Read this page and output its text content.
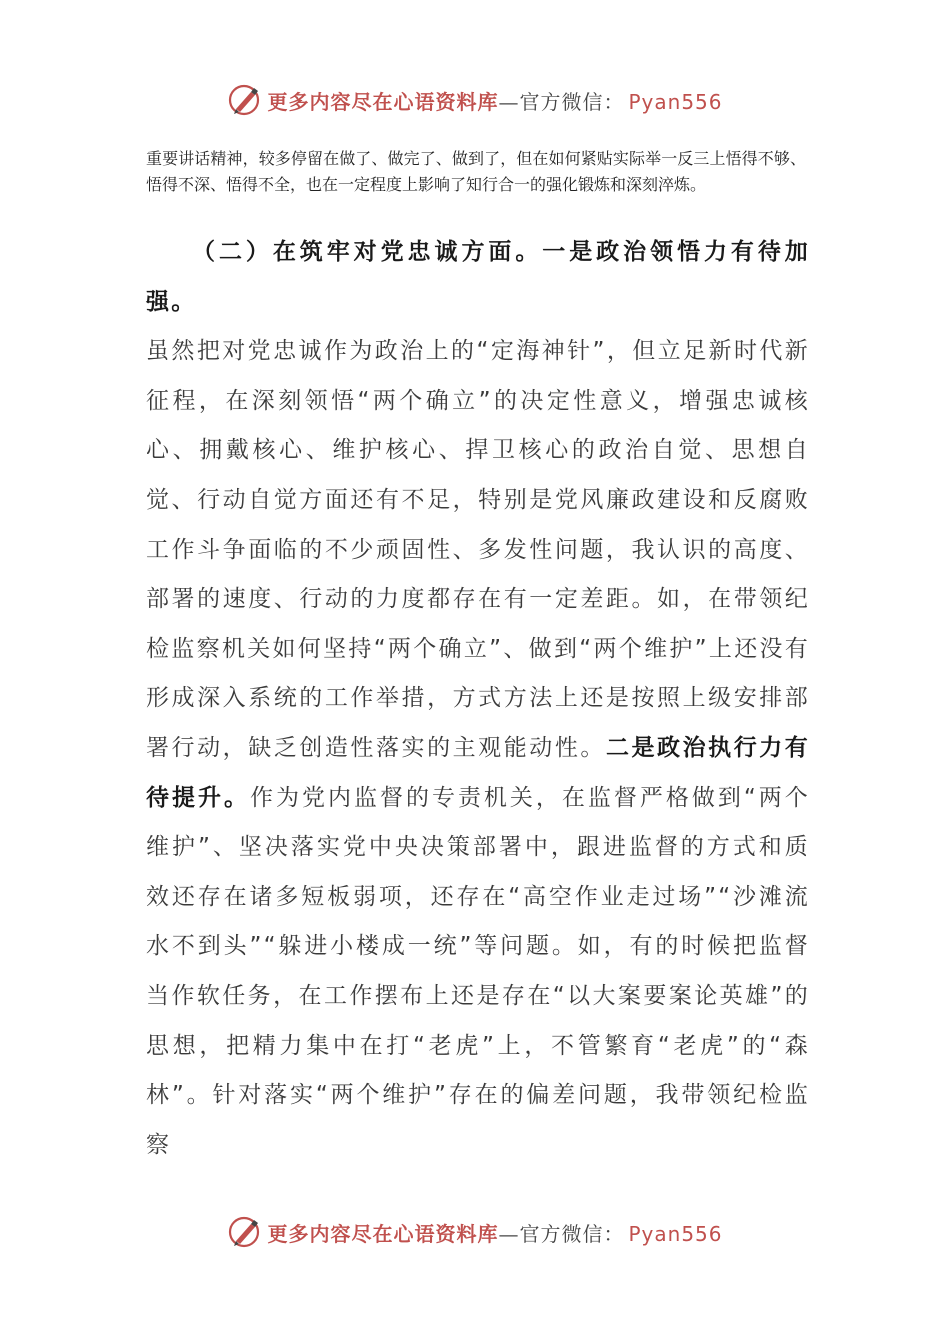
更多内容尽在心语资料库—官方微信： Pyan556
重要讲话精神，较多停留在做了、做完了、做到了，但在如何紧贴实际举一反三上悟得不够、悟得不深、悟得不全，也在一定程度上影响了知行合一的强化锻炼和深刻淬炼。

（二）在筑牢对党忠诚方面。一是政治领悟力有待加强。

虽然把对党忠诚作为政治上的“定海神针”，但立足新时代新征程，在深刻领悟“两个确立”的决定性意义，增强忠诚核心、拥戴核心、维护核心、捍卫核心的政治自觉、思想自觉、行动自觉方面还有不足，特别是党风廉政建设和反腐败工作斗争面临的不少顽固性、多发性问题，我认识的高度、部署的速度、行动的力度都存在有一定差距。如，在带领纪检监察机关如何坚持“两个确立”、做到“两个维护”上还没有形成深入系统的工作举措，方式方法上还是按照上级安排部署行动，缺乏创造性落实的主观能动性。二是政治执行力有待提升。作为党内监督的专责机关，在监督严格做到“两个维护”、坚决落实党中央决策部署中，跟进监督的方式和质效还存在诸多短板弱项，还存在“高空作业走过场”“沙滩流水不到头”“躲进小楼成一统”等问题。如，有的时候把监督当作软任务，在工作摆布上还是存在“以大案要案论英雄”的思想，把精力集中在打“老虎”上，不管繁育“老虎”的“森林”。针对落实“两个维护”存在的偏差问题，我带领纪检监察

更多内容尽在心语资料库—官方微信： Pyan556
